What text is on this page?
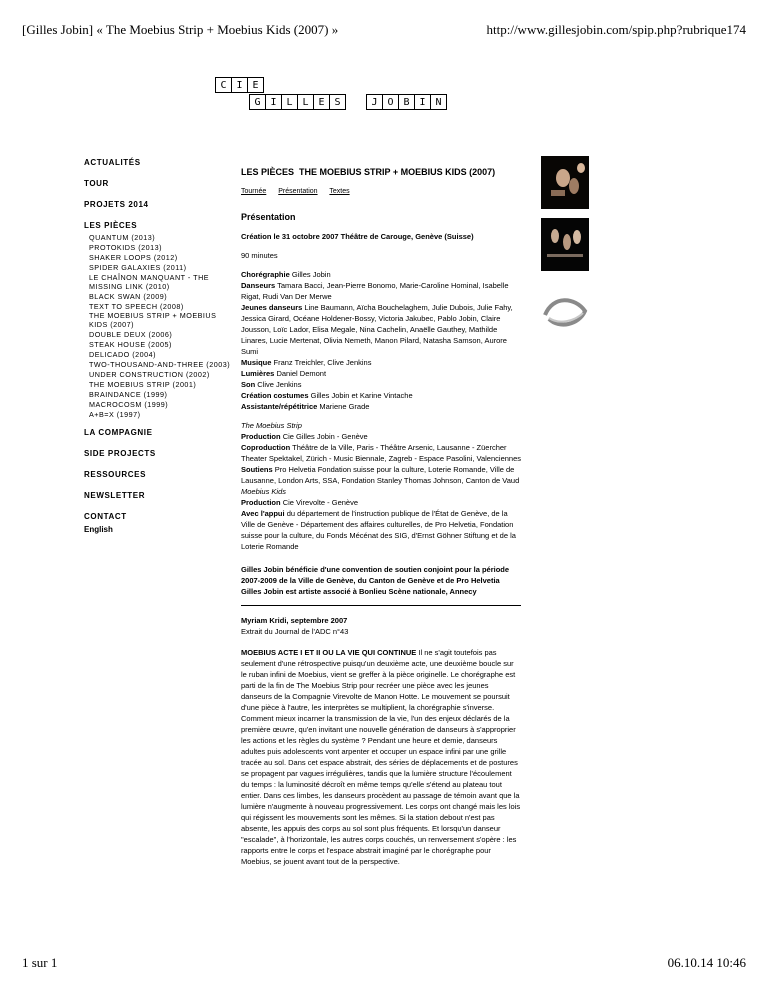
[Gilles Jobin] « The Moebius Strip + Moebius Kids (2007) »	http://www.gillesjobin.com/spip.php?rubrique174
C I E
G I L L E S	J O B I N
ACTUALITÉS
TOUR
PROJETS 2014
LES PIÈCES
QUANTUM (2013)
PROTOKIDS (2013)
SHAKER LOOPS (2012)
SPIDER GALAXIES (2011)
LE CHAÎNON MANQUANT - THE MISSING LINK (2010)
BLACK SWAN (2009)
TEXT TO SPEECH (2008)
THE MOEBIUS STRIP + MOEBIUS KIDS (2007)
DOUBLE DEUX (2006)
STEAK HOUSE (2005)
DELICADO (2004)
TWO-THOUSAND-AND-THREE (2003)
UNDER CONSTRUCTION (2002)
THE MOEBIUS STRIP (2001)
BRAINDANCE (1999)
MACROCOSM (1999)
A+B=X (1997)
LA COMPAGNIE
SIDE PROJECTS
RESSOURCES
NEWSLETTER
CONTACT
English
LES PIÈCES THE MOEBIUS STRIP + MOEBIUS KIDS (2007)
Tournée Présentation Textes
Présentation
Création le 31 octobre 2007 Théâtre de Carouge, Genève (Suisse)
90 minutes
Chorégraphie Gilles Jobin
Danseurs Tamara Bacci, Jean-Pierre Bonomo, Marie-Caroline Hominal, Isabelle Rigat, Rudi Van Der Merwe
Jeunes danseurs Line Baumann, Aïcha Bouchelaghem, Julie Dubois, Julie Fahy, Jessica Girard, Océane Holdener-Bossy, Victoria Jakubec, Pablo Jobin, Claire Jousson, Loïc Lador, Elisa Megale, Nina Cachelin, Anaëlle Gauthey, Mathilde Linares, Lucie Mertenat, Olivia Nemeth, Manon Pilard, Natasha Samson, Aurore Sumi
Musique Franz Treichler, Clive Jenkins
Lumières Daniel Demont
Son Clive Jenkins
Création costumes Gilles Jobin et Karine Vintache
Assistante/répétitrice Mariene Grade
The Moebius Strip
Production Cie Gilles Jobin - Genève
Coproduction Théâtre de la Ville, Paris - Théâtre Arsenic, Lausanne - Züercher Theater Spektakel, Zürich - Music Biennale, Zagreb - Espace Pasolini, Valenciennes
Soutiens Pro Helvetia Fondation suisse pour la culture, Loterie Romande, Ville de Lausanne, London Arts, SSA, Fondation Stanley Thomas Johnson, Canton de Vaud
Moebius Kids
Production Cie Virevolte - Genève
Avec l'appui du département de l'instruction publique de l'État de Genève, de la Ville de Genève - Département des affaires culturelles, de Pro Helvetia, Fondation suisse pour la culture, du Fonds Mécénat des SIG, d'Ernst Göhner Stiftung et de la Loterie Romande
Gilles Jobin bénéficie d'une convention de soutien conjoint pour la période 2007-2009 de la Ville de Genève, du Canton de Genève et de Pro Helvetia
Gilles Jobin est artiste associé à Bonlieu Scène nationale, Annecy
Myriam Kridi, septembre 2007
Extrait du Journal de l'ADC n°43
MOEBIUS ACTE I ET II OU LA VIE QUI CONTINUE Il ne s'agit toutefois pas seulement d'une rétrospective puisqu'un deuxième acte, une deuxième boucle sur le ruban infini de Moebius, vient se greffer à la pièce originelle. Le chorégraphe est parti de la fin de The Moebius Strip pour recréer une pièce avec les jeunes danseurs de la Compagnie Virevolte de Manon Hotte. Le mouvement se poursuit d'une pièce à l'autre, les interprètes se multiplient, la chorégraphie s'inverse. Comment mieux incarner la transmission de la vie, l'un des enjeux déclarés de la première œuvre, qu'en invitant une nouvelle génération de danseurs à s'approprier les actions et les règles du système ? Pendant une heure et demie, danseurs adultes puis adolescents vont arpenter et occuper un espace infini par une grille tracée au sol. Dans cet espace abstrait, des séries de déplacements et de postures se propagent par vagues irrégulières, tandis que la lumière structure l'écoulement du temps : la luminosité décroît en même temps qu'elle s'étend au plateau tout entier. Dans ces limbes, les danseurs procèdent au passage de témoin avant que la lumière n'augmente à nouveau progressivement. Les corps ont changé mais les lois qui régissent les mouvements sont les mêmes. Si la station debout n'est pas absente, les appuis des corps au sol sont plus fréquents. Et lorsqu'un danseur "escalade", à l'horizontale, les autres corps couchés, un renversement s'opère : les rapports entre le corps et l'espace abstrait imaginé par le chorégraphe pour Moebius, se jouent avant tout de la perspective.
1 sur 1	06.10.14 10:46
